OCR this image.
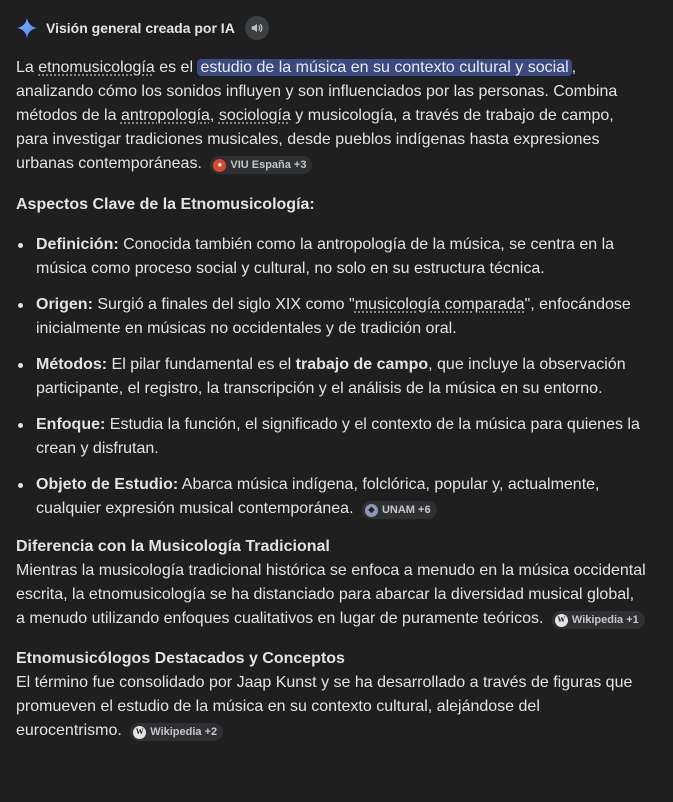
Visión general creada por IA

La etnomusicología es el estudio de la música en su contexto cultural y social , analizando cómo los sonidos influyen y son influenciados por las personas. Combina métodos de la antropología, sociología y musicología, a través de trabajo de campo, para investigar tradiciones musicales, desde pueblos indígenas hasta expresiones urbanas contemporáneas.	● VIU España +3

Aspectos Clave de la Etnomusicología:
Definición: Conocida también como la antropología de la música, se centra en la música como proceso social y cultural, no solo en su estructura técnica.
Origen: Surgió a finales del siglo XIX como "musicología comparada", enfocándose inicialmente en músicas no occidentales y de tradición oral.
Métodos: El pilar fundamental es el trabajo de campo, que incluye la observación participante, el registro, la transcripción y el análisis de la música en su entorno.
Enfoque: Estudia la función, el significado y el contexto de la música para quienes la crean y disfrutan.
Objeto de Estudio: Abarca música indígena, folclórica, popular y, actualmente, cualquier expresión musical contemporánea.	◆ UNAM +6
Diferencia con la Musicología Tradicional

Mientras la musicología tradicional histórica se enfoca a menudo en la música occidental escrita, la etnomusicología se ha distanciado para abarcar la diversidad musical global, a menudo utilizando enfoques cualitativos en lugar de puramente teóricos.	W Wikipedia +1

Etnomusicólogos Destacados y Conceptos

El término fue consolidado por Jaap Kunst y se ha desarrollado a través de figuras que promueven el estudio de la música en su contexto cultural, alejándose del eurocentrismo.	W Wikipedia +2
